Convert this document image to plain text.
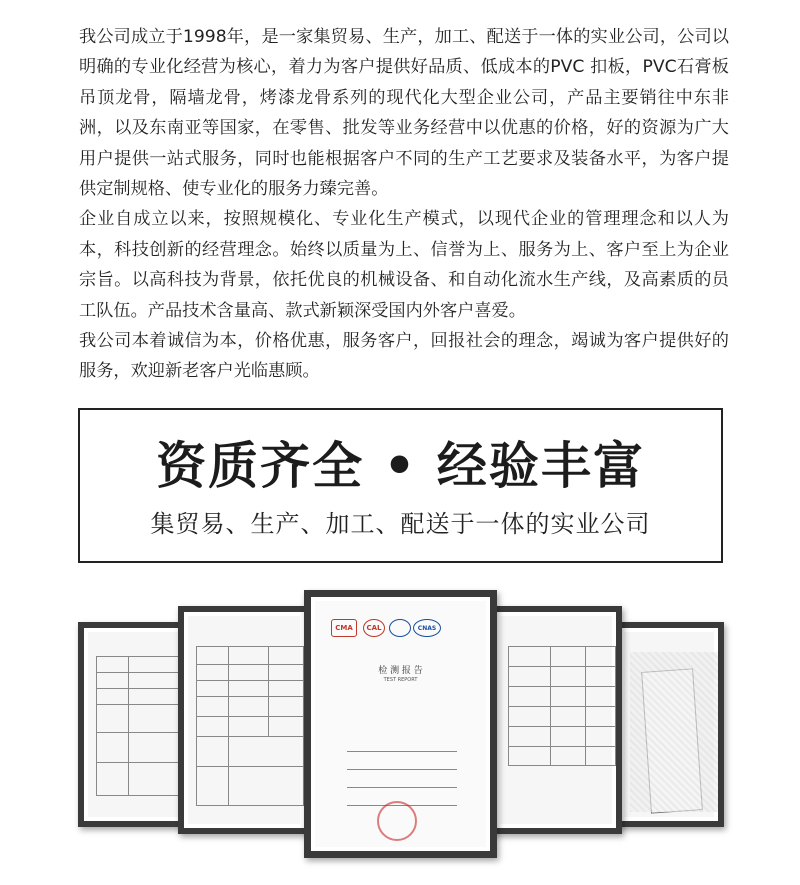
我公司成立于1998年，是一家集贸易、生产，加工、配送于一体的实业公司，公司以明确的专业化经营为核心，着力为客户提供好品质、低成本的PVC 扣板，PVC石膏板吊顶龙骨，隔墙龙骨，烤漆龙骨系列的现代化大型企业公司，产品主要销往中东非洲，以及东南亚等国家，在零售、批发等业务经营中以优惠的价格，好的资源为广大用户提供一站式服务，同时也能根据客户不同的生产工艺要求及装备水平，为客户提供定制规格、使专业化的服务力臻完善。

企业自成立以来，按照规模化、专业化生产模式，以现代企业的管理理念和以人为本，科技创新的经营理念。始终以质量为上、信誉为上、服务为上、客户至上为企业宗旨。以高科技为背景，依托优良的机械设备、和自动化流水生产线，及高素质的员工队伍。产品技术含量高、款式新颖深受国内外客户喜爱。

我公司本着诚信为本，价格优惠，服务客户，回报社会的理念，竭诚为客户提供好的服务，欢迎新老客户光临惠顾。

资质齐全 • 经验丰富
集贸易、生产、加工、配送于一体的实业公司
CMA	CAL	CNAS
检 测 报 告
TEST REPORT
